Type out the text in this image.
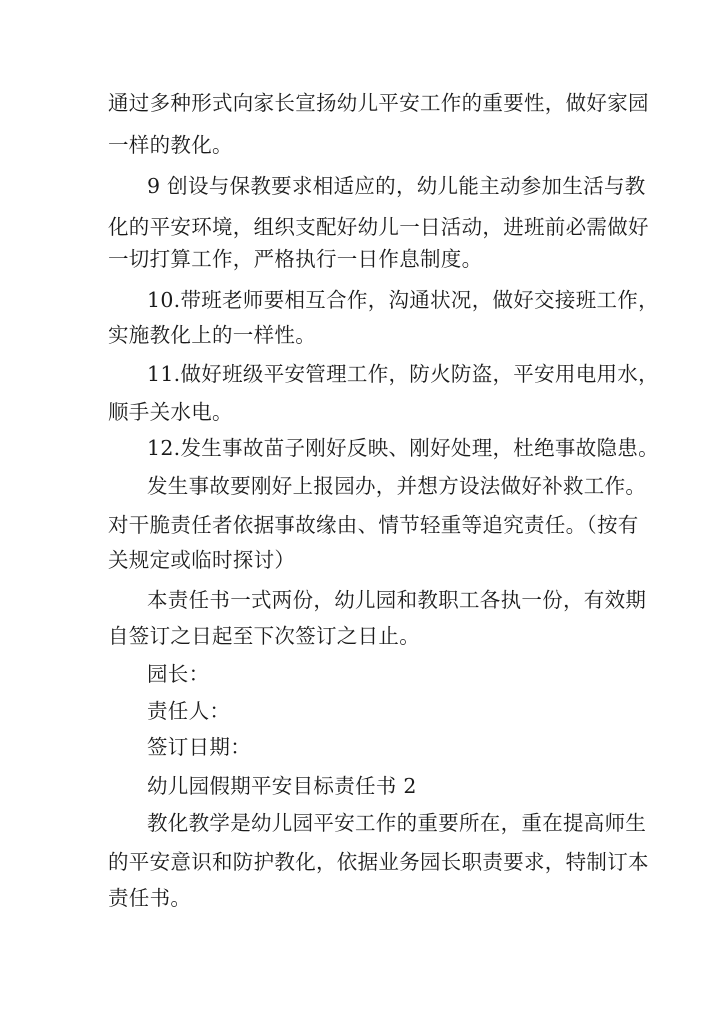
通过多种形式向家长宣扬幼儿平安工作的重要性，做好家园
一样的教化。
9 创设与保教要求相适应的，幼儿能主动参加生活与教
化的平安环境，组织支配好幼儿一日活动，进班前必需做好
一切打算工作，严格执行一日作息制度。
10.带班老师要相互合作，沟通状况，做好交接班工作，
实施教化上的一样性。
11.做好班级平安管理工作，防火防盗，平安用电用水，
顺手关水电。
12.发生事故苗子刚好反映、刚好处理，杜绝事故隐患。
发生事故要刚好上报园办，并想方设法做好补救工作。
对干脆责任者依据事故缘由、情节轻重等追究责任。（按有
关规定或临时探讨）
本责任书一式两份，幼儿园和教职工各执一份，有效期
自签订之日起至下次签订之日止。
园长：
责任人：
签订日期：
幼儿园假期平安目标责任书 2
教化教学是幼儿园平安工作的重要所在，重在提高师生
的平安意识和防护教化，依据业务园长职责要求，特制订本
责任书。
